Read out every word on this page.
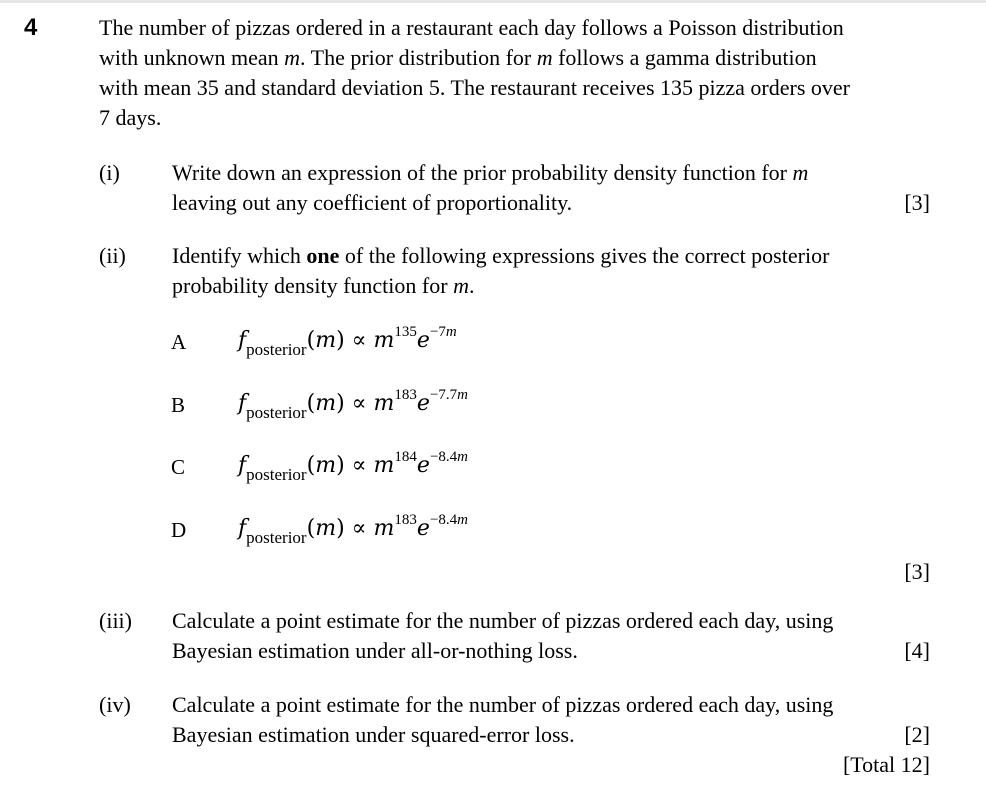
4	The number of pizzas ordered in a restaurant each day follows a Poisson distribution
with unknown mean m. The prior distribution for m follows a gamma distribution
with mean 35 and standard deviation 5. The restaurant receives 135 pizza orders over
7 days.
(i) Write down an expression of the prior probability density function for m
leaving out any coefficient of proportionality.	[3]
(ii) Identify which one of the following expressions gives the correct posterior
probability density function for m.
A $f_{posterior}(m) \propto m^{135}e^{-7m}$
B $f_{posterior}(m) \propto m^{183}e^{-7.7m}$
C $f_{posterior}(m) \propto m^{184}e^{-8.4m}$
D $f_{posterior}(m) \propto m^{183}e^{-8.4m}$
[3]
(iii) Calculate a point estimate for the number of pizzas ordered each day, using
Bayesian estimation under all-or-nothing loss.	[4]
(iv) Calculate a point estimate for the number of pizzas ordered each day, using
Bayesian estimation under squared-error loss.	[2]
[Total 12]
